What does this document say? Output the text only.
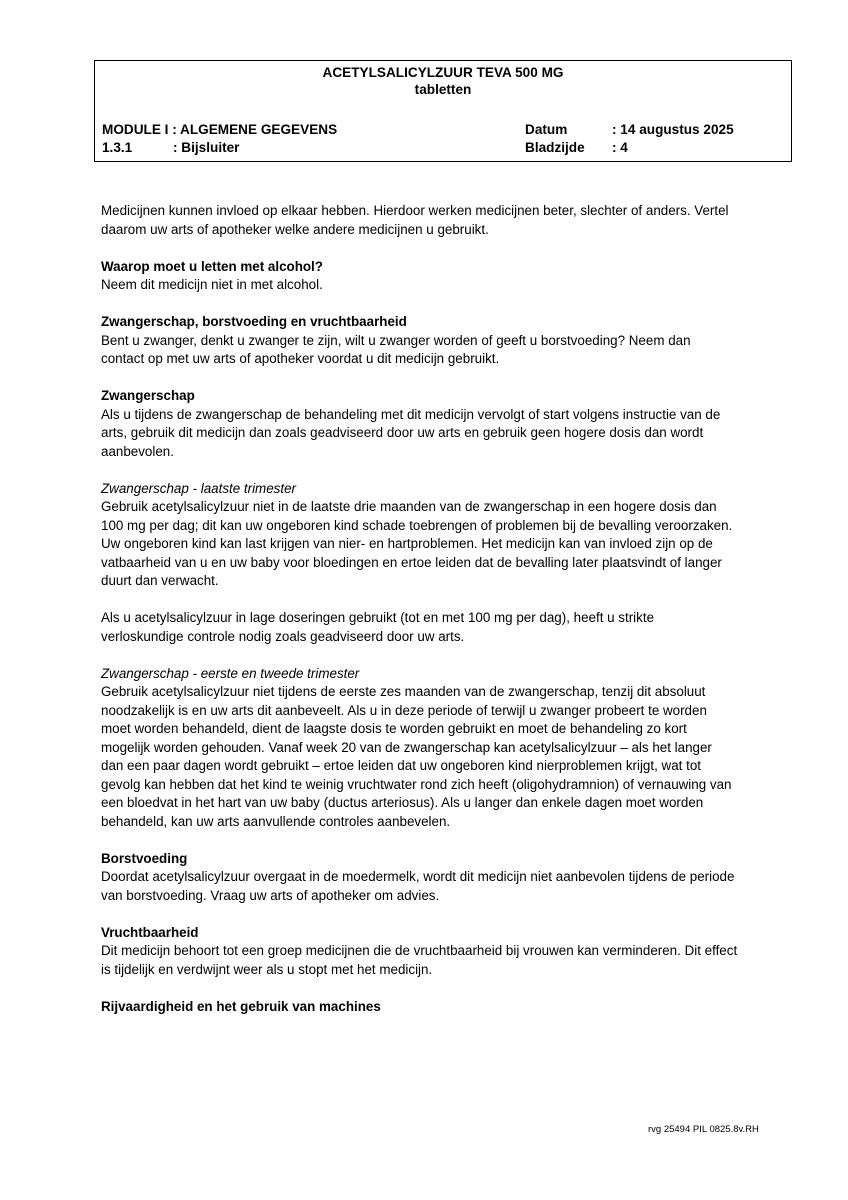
ACETYLSALICYLZUUR TEVA 500 MG
tabletten
MODULE I : ALGEMENE GEGEVENS	Datum	: 14 augustus 2025
1.3.1	: Bijsluiter	Bladzijde : 4

Medicijnen kunnen invloed op elkaar hebben. Hierdoor werken medicijnen beter, slechter of anders. Vertel

daarom uw arts of apotheker welke andere medicijnen u gebruikt.

Waarop moet u letten met alcohol?

Neem dit medicijn niet in met alcohol.

Zwangerschap, borstvoeding en vruchtbaarheid

Bent u zwanger, denkt u zwanger te zijn, wilt u zwanger worden of geeft u borstvoeding? Neem dan

contact op met uw arts of apotheker voordat u dit medicijn gebruikt.

Zwangerschap

Als u tijdens de zwangerschap de behandeling met dit medicijn vervolgt of start volgens instructie van de

arts, gebruik dit medicijn dan zoals geadviseerd door uw arts en gebruik geen hogere dosis dan wordt

aanbevolen.

Zwangerschap - laatste trimester

Gebruik acetylsalicylzuur niet in de laatste drie maanden van de zwangerschap in een hogere dosis dan

100 mg per dag; dit kan uw ongeboren kind schade toebrengen of problemen bij de bevalling veroorzaken.

Uw ongeboren kind kan last krijgen van nier- en hartproblemen. Het medicijn kan van invloed zijn op de

vatbaarheid van u en uw baby voor bloedingen en ertoe leiden dat de bevalling later plaatsvindt of langer

duurt dan verwacht.

Als u acetylsalicylzuur in lage doseringen gebruikt (tot en met 100 mg per dag), heeft u strikte

verloskundige controle nodig zoals geadviseerd door uw arts.

Zwangerschap - eerste en tweede trimester

Gebruik acetylsalicylzuur niet tijdens de eerste zes maanden van de zwangerschap, tenzij dit absoluut

noodzakelijk is en uw arts dit aanbeveelt. Als u in deze periode of terwijl u zwanger probeert te worden

moet worden behandeld, dient de laagste dosis te worden gebruikt en moet de behandeling zo kort

mogelijk worden gehouden. Vanaf week 20 van de zwangerschap kan acetylsalicylzuur – als het langer

dan een paar dagen wordt gebruikt – ertoe leiden dat uw ongeboren kind nierproblemen krijgt, wat tot

gevolg kan hebben dat het kind te weinig vruchtwater rond zich heeft (oligohydramnion) of vernauwing van

een bloedvat in het hart van uw baby (ductus arteriosus). Als u langer dan enkele dagen moet worden

behandeld, kan uw arts aanvullende controles aanbevelen.

Borstvoeding

Doordat acetylsalicylzuur overgaat in de moedermelk, wordt dit medicijn niet aanbevolen tijdens de periode

van borstvoeding. Vraag uw arts of apotheker om advies.

Vruchtbaarheid

Dit medicijn behoort tot een groep medicijnen die de vruchtbaarheid bij vrouwen kan verminderen. Dit effect

is tijdelijk en verdwijnt weer als u stopt met het medicijn.

Rijvaardigheid en het gebruik van machines

rvg 25494 PIL 0825.8v.RH
